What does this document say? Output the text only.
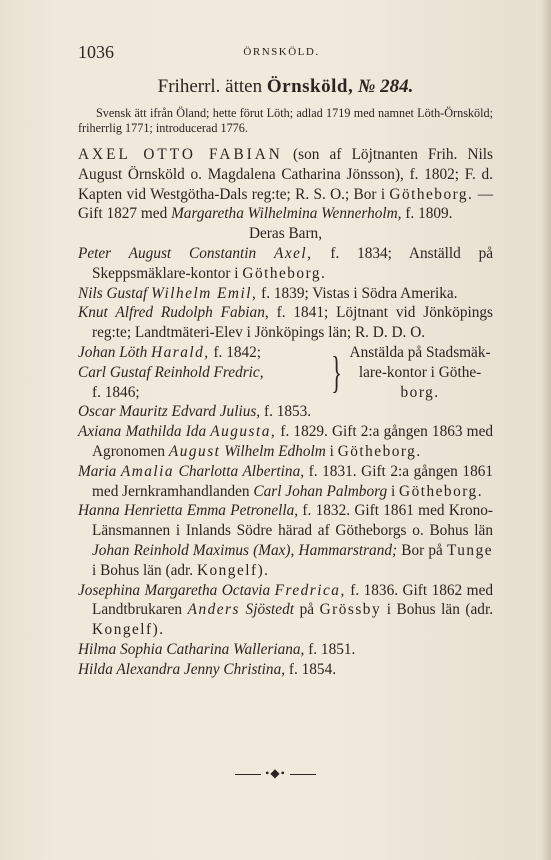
1036	ÖRNSKÖLD.
Friherrl. ätten Örnsköld, № 284.
Svensk ätt ifrån Öland; hette förut Löth; adlad 1719 med namnet Löth-Örnsköld; friherrlig 1771; introducerad 1776.

AXEL OTTO FABIAN (son af Löjtnanten Frih. Nils August Örnsköld o. Magdalena Catharina Jönsson), f. 1802; F. d. Kapten vid Westgötha-Dals reg:te; R. S. O.; Bor i Götheborg. — Gift 1827 med Margaretha Wilhelmina Wennerholm, f. 1809.

Deras Barn,

Peter August Constantin Axel, f. 1834; Anställd på Skeppsmäklare-kontor i Götheborg.

Nils Gustaf Wilhelm Emil, f. 1839; Vistas i Södra Amerika.

Knut Alfred Rudolph Fabian, f. 1841; Löjtnant vid Jönköpings reg:te; Landtmäteri-Elev i Jönköpings län; R. D. D. O.

Johan Löth Harald, f. 1842;
Carl Gustaf Reinhold Fredric,
f. 1846;	} Anstälda på Stadsmäk-
lare-kontor i Göthe-
borg.

Oscar Mauritz Edvard Julius, f. 1853.

Axiana Mathilda Ida Augusta, f. 1829. Gift 2:a gången 1863 med Agronomen August Wilhelm Edholm i Götheborg.

Maria Amalia Charlotta Albertina, f. 1831. Gift 2:a gången 1861 med Jernkramhandlanden Carl Johan Palmborg i Götheborg.

Hanna Henrietta Emma Petronella, f. 1832. Gift 1861 med Krono-Länsmannen i Inlands Södre härad af Götheborgs o. Bohus län Johan Reinhold Maximus (Max), Hammarstrand; Bor på Tunge i Bohus län (adr. Kongelf).

Josephina Margaretha Octavia Fredrica, f. 1836. Gift 1862 med Landtbrukaren Anders Sjöstedt på Grössby i Bohus län (adr. Kongelf).

Hilma Sophia Catharina Walleriana, f. 1851.

Hilda Alexandra Jenny Christina, f. 1854.

•◆•
